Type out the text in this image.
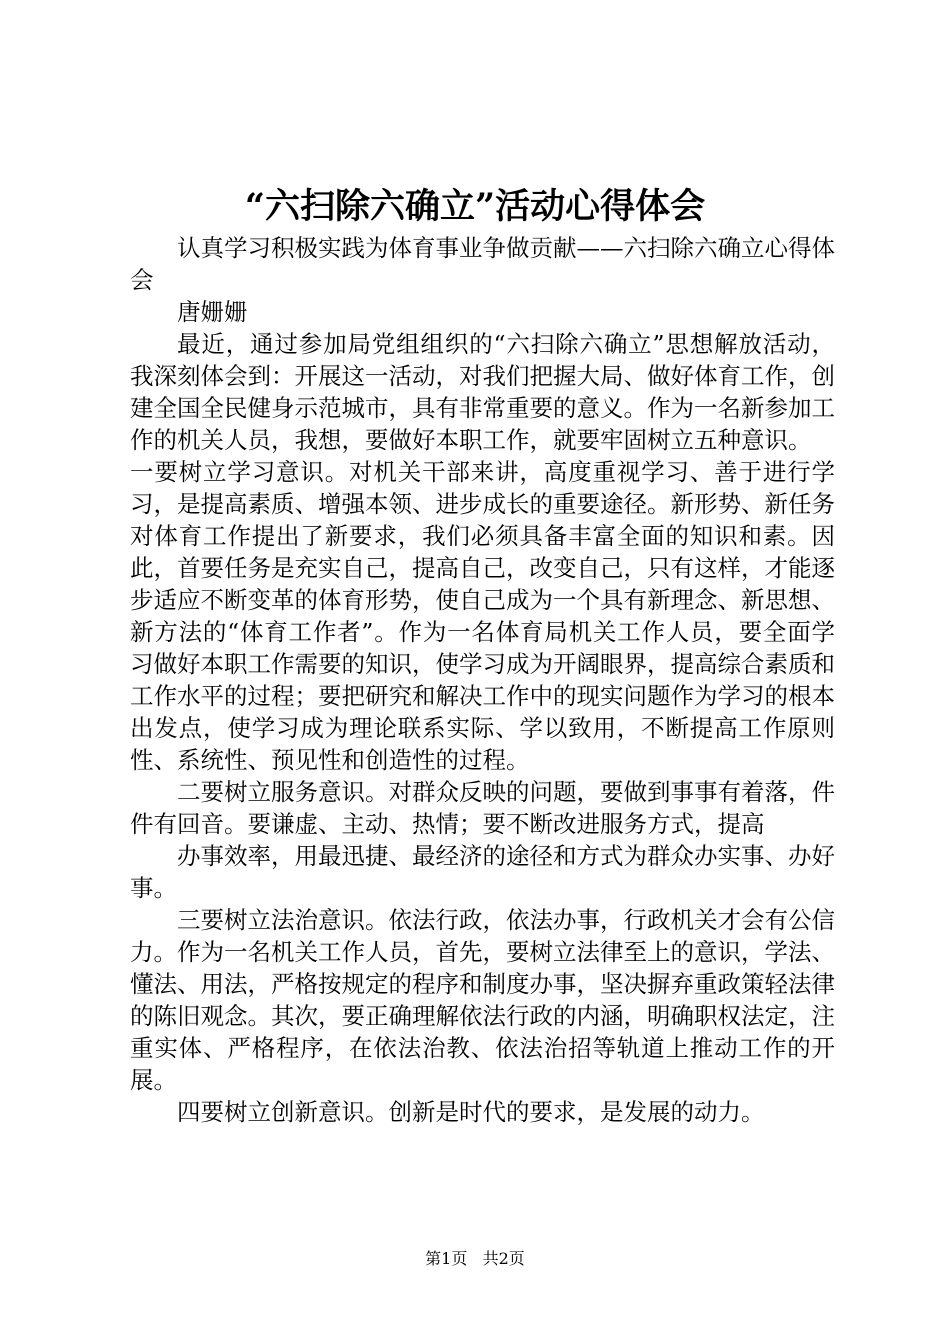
“六扫除六确立”活动心得体会

认真学习积极实践为体育事业争做贡献——六扫除六确立心得体会

唐姗姗

最近，通过参加局党组组织的“六扫除六确立”思想解放活动，我深刻体会到：开展这一活动，对我们把握大局、做好体育工作，创建全国全民健身示范城市，具有非常重要的意义。作为一名新参加工作的机关人员，我想，要做好本职工作，就要牢固树立五种意识。

一要树立学习意识。对机关干部来讲，高度重视学习、善于进行学习，是提高素质、增强本领、进步成长的重要途径。新形势、新任务对体育工作提出了新要求，我们必须具备丰富全面的知识和素。因此，首要任务是充实自己，提高自己，改变自己，只有这样，才能逐步适应不断变革的体育形势，使自己成为一个具有新理念、新思想、新方法的“体育工作者”。作为一名体育局机关工作人员，要全面学习做好本职工作需要的知识，使学习成为开阔眼界，提高综合素质和工作水平的过程；要把研究和解决工作中的现实问题作为学习的根本出发点，使学习成为理论联系实际、学以致用，不断提高工作原则性、系统性、预见性和创造性的过程。

二要树立服务意识。对群众反映的问题，要做到事事有着落，件件有回音。要谦虚、主动、热情；要不断改进服务方式，提高

办事效率，用最迅捷、最经济的途径和方式为群众办实事、办好事。

三要树立法治意识。依法行政，依法办事，行政机关才会有公信力。作为一名机关工作人员，首先，要树立法律至上的意识，学法、懂法、用法，严格按规定的程序和制度办事，坚决摒弃重政策轻法律的陈旧观念。其次，要正确理解依法行政的内涵，明确职权法定，注重实体、严格程序，在依法治教、依法治招等轨道上推动工作的开展。

四要树立创新意识。创新是时代的要求，是发展的动力。

第1页 共2页
